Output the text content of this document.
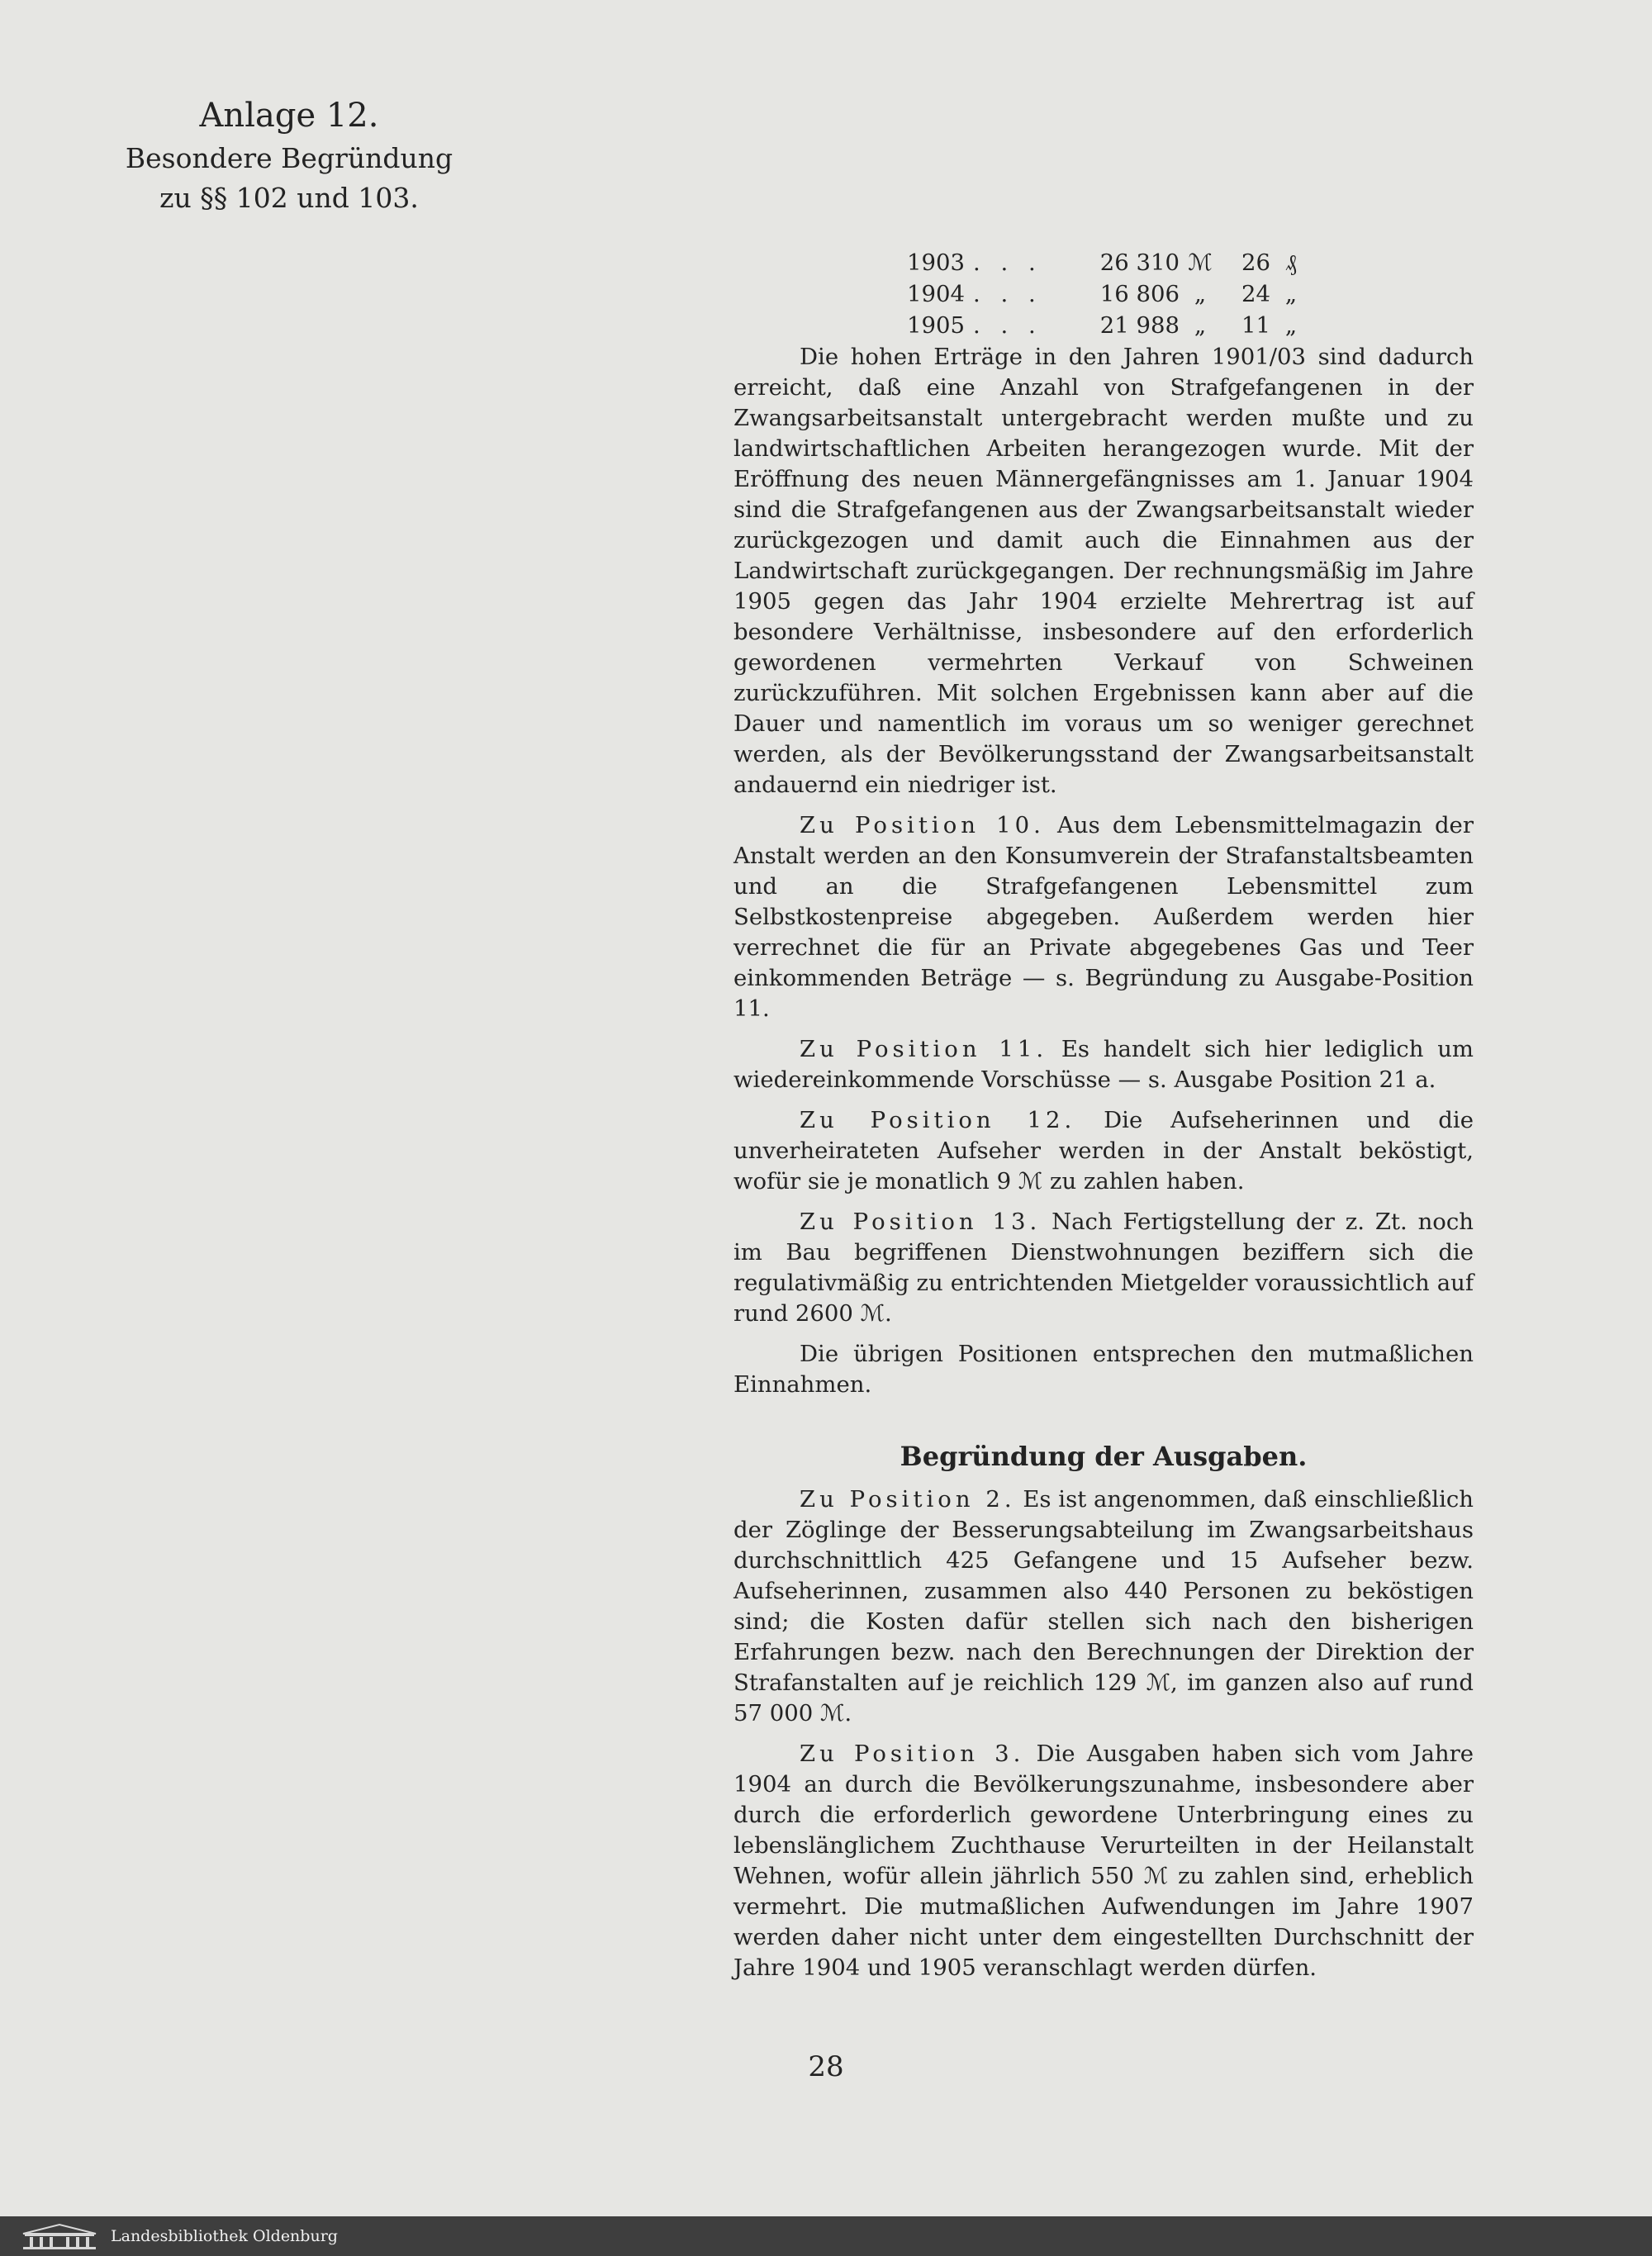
Anlage 12.
Besondere Begründung
zu §§ 102 und 103.
1903 . . .	26 310 ℳ	26 ₰
1904 . . .	16 806 „	24 „
1905 . . .	21 988 „	11 „

Die hohen Erträge in den Jahren 1901/03 sind dadurch erreicht, daß eine Anzahl von Strafgefangenen in der Zwangsarbeitsanstalt untergebracht werden mußte und zu landwirtschaftlichen Arbeiten herangezogen wurde. Mit der Eröffnung des neuen Männergefängnisses am 1. Januar 1904 sind die Strafgefangenen aus der Zwangsarbeitsanstalt wieder zurückgezogen und damit auch die Einnahmen aus der Landwirtschaft zurückgegangen. Der rechnungsmäßig im Jahre 1905 gegen das Jahr 1904 erzielte Mehrertrag ist auf besondere Verhältnisse, insbesondere auf den erforderlich gewordenen vermehrten Verkauf von Schweinen zurückzuführen. Mit solchen Ergebnissen kann aber auf die Dauer und namentlich im voraus um so weniger gerechnet werden, als der Bevölkerungsstand der Zwangsarbeitsanstalt andauernd ein niedriger ist.

Zu Position 10. Aus dem Lebensmittelmagazin der Anstalt werden an den Konsumverein der Strafanstaltsbeamten und an die Strafgefangenen Lebensmittel zum Selbstkostenpreise abgegeben. Außerdem werden hier verrechnet die für an Private abgegebenes Gas und Teer einkommenden Beträge — s. Begründung zu Ausgabe-Position 11.

Zu Position 11. Es handelt sich hier lediglich um wiedereinkommende Vorschüsse — s. Ausgabe Position 21 a.

Zu Position 12. Die Aufseherinnen und die unverheirateten Aufseher werden in der Anstalt beköstigt, wofür sie je monatlich 9 ℳ zu zahlen haben.

Zu Position 13. Nach Fertigstellung der z. Zt. noch im Bau begriffenen Dienstwohnungen beziffern sich die regulativmäßig zu entrichtenden Mietgelder voraussichtlich auf rund 2600 ℳ.

Die übrigen Positionen entsprechen den mutmaßlichen Einnahmen.

Begründung der Ausgaben.

Zu Position 2. Es ist angenommen, daß einschließlich der Zöglinge der Besserungsabteilung im Zwangsarbeitshaus durchschnittlich 425 Gefangene und 15 Aufseher bezw. Aufseherinnen, zusammen also 440 Personen zu beköstigen sind; die Kosten dafür stellen sich nach den bisherigen Erfahrungen bezw. nach den Berechnungen der Direktion der Strafanstalten auf je reichlich 129 ℳ, im ganzen also auf rund 57 000 ℳ.

Zu Position 3. Die Ausgaben haben sich vom Jahre 1904 an durch die Bevölkerungszunahme, insbesondere aber durch die erforderlich gewordene Unterbringung eines zu lebenslänglichem Zuchthause Verurteilten in der Heilanstalt Wehnen, wofür allein jährlich 550 ℳ zu zahlen sind, erheblich vermehrt. Die mutmaßlichen Aufwendungen im Jahre 1907 werden daher nicht unter dem eingestellten Durchschnitt der Jahre 1904 und 1905 veranschlagt werden dürfen.

28
Landesbibliothek Oldenburg
